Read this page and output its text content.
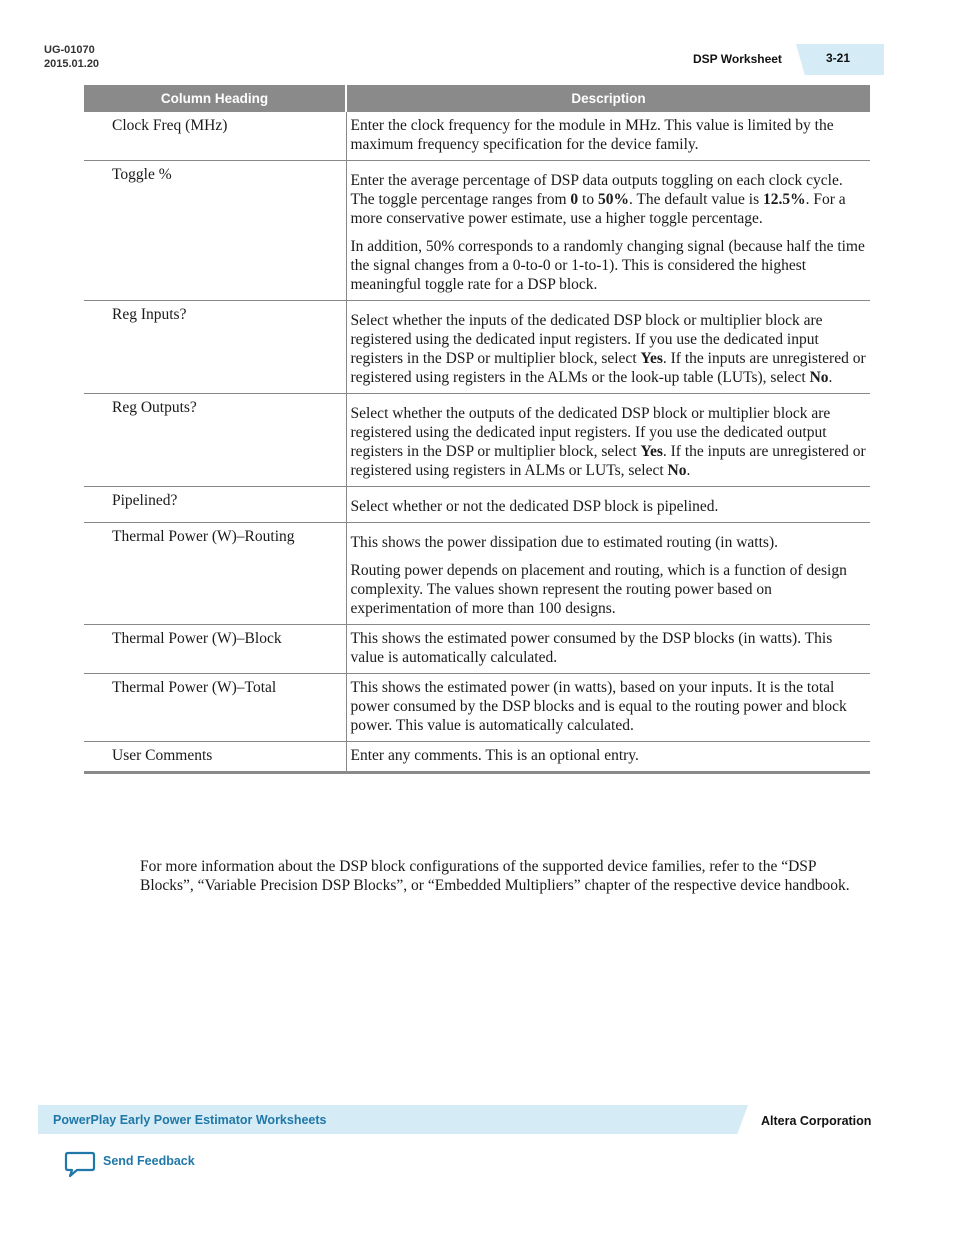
UG-01070
2015.01.20	DSP Worksheet	3-21
Column Heading	Description
Clock Freq (MHz)	Enter the clock frequency for the module in MHz. This value is limited by the maximum frequency specification for the device family.

Toggle %	Enter the average percentage of DSP data outputs toggling on each clock cycle. The toggle percentage ranges from 0 to 50%. The default value is 12.5%. For a more conservative power estimate, use a higher toggle percentage.

In addition, 50% corresponds to a randomly changing signal (because half the time the signal changes from a 0-to-0 or 1-to-1). This is considered the highest meaningful toggle rate for a DSP block.

Reg Inputs?	Select whether the inputs of the dedicated DSP block or multiplier block are registered using the dedicated input registers. If you use the dedicated input registers in the DSP or multiplier block, select Yes. If the inputs are unregistered or registered using registers in the ALMs or the look-up table (LUTs), select No.

Reg Outputs?	Select whether the outputs of the dedicated DSP block or multiplier block are registered using the dedicated input registers. If you use the dedicated output registers in the DSP or multiplier block, select Yes. If the inputs are unregistered or registered using registers in ALMs or LUTs, select No.

Pipelined?	Select whether or not the dedicated DSP block is pipelined.

Thermal Power (W)–Routing	This shows the power dissipation due to estimated routing (in watts).

Routing power depends on placement and routing, which is a function of design complexity. The values shown represent the routing power based on experimentation of more than 100 designs.

Thermal Power (W)–Block	This shows the estimated power consumed by the DSP blocks (in watts). This value is automatically calculated.

Thermal Power (W)–Total	This shows the estimated power (in watts), based on your inputs. It is the total power consumed by the DSP blocks and is equal to the routing power and block power. This value is automatically calculated.

User Comments	Enter any comments. This is an optional entry.

For more information about the DSP block configurations of the supported device families, refer to the “DSP Blocks”, “Variable Precision DSP Blocks”, or “Embedded Multipliers” chapter of the respective device handbook.

PowerPlay Early Power Estimator Worksheets	Altera Corporation
Send Feedback
